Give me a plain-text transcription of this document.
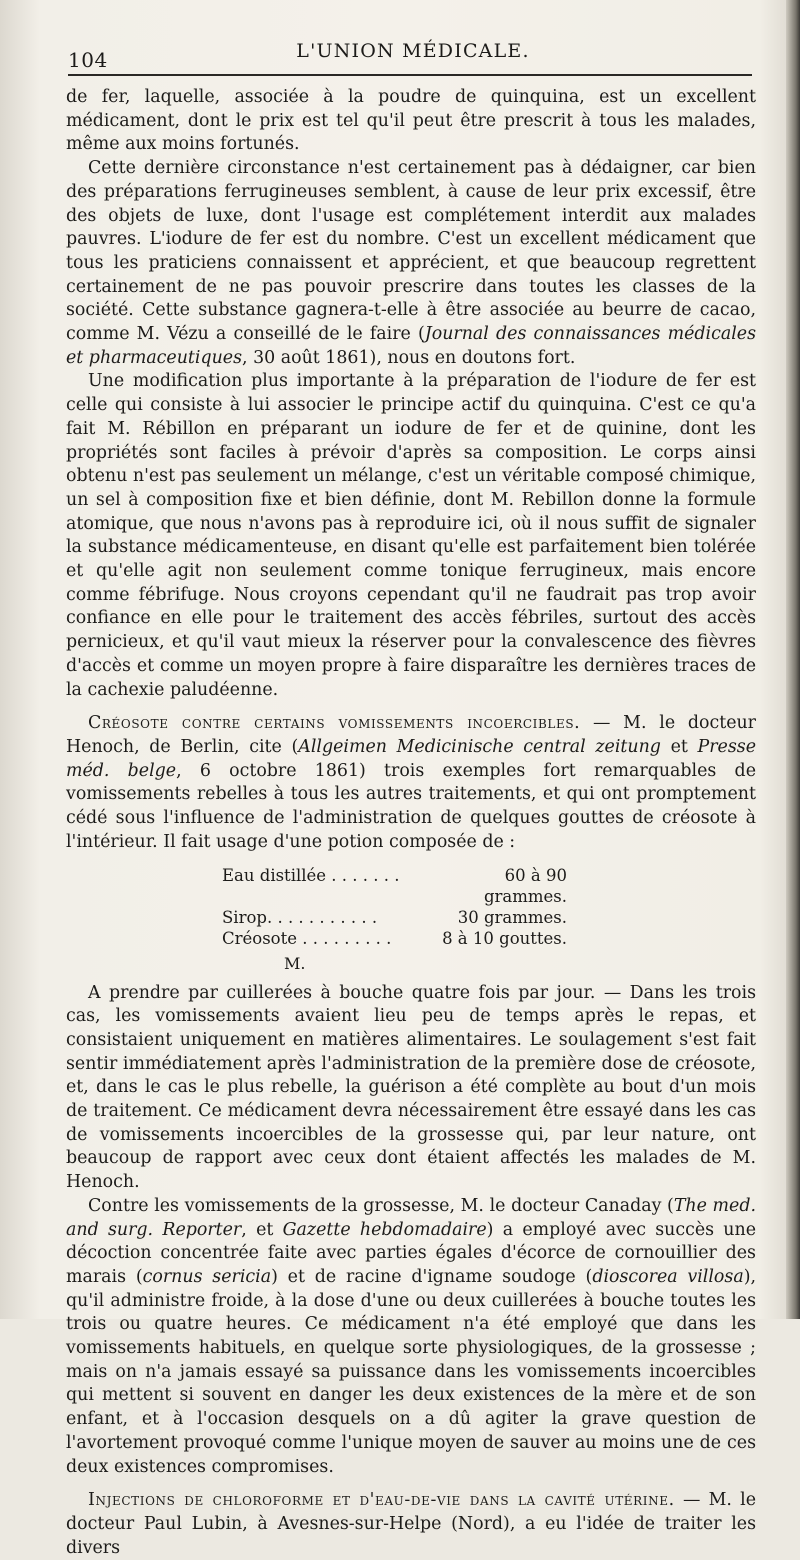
104	L'UNION MÉDICALE.

de fer, laquelle, associée à la poudre de quinquina, est un excellent médicament, dont le prix est tel qu'il peut être prescrit à tous les malades, même aux moins fortunés.

Cette dernière circonstance n'est certainement pas à dédaigner, car bien des préparations ferrugineuses semblent, à cause de leur prix excessif, être des objets de luxe, dont l'usage est complétement interdit aux malades pauvres. L'iodure de fer est du nombre. C'est un excellent médicament que tous les praticiens connaissent et apprécient, et que beaucoup regrettent certainement de ne pas pouvoir prescrire dans toutes les classes de la société. Cette substance gagnera-t-elle à être associée au beurre de cacao, comme M. Vézu a conseillé de le faire (Journal des connaissances médicales et pharmaceutiques, 30 août 1861), nous en doutons fort.

Une modification plus importante à la préparation de l'iodure de fer est celle qui consiste à lui associer le principe actif du quinquina. C'est ce qu'a fait M. Rébillon en préparant un iodure de fer et de quinine, dont les propriétés sont faciles à prévoir d'après sa composition. Le corps ainsi obtenu n'est pas seulement un mélange, c'est un véritable composé chimique, un sel à composition fixe et bien définie, dont M. Rebillon donne la formule atomique, que nous n'avons pas à reproduire ici, où il nous suffit de signaler la substance médicamenteuse, en disant qu'elle est parfaitement bien tolérée et qu'elle agit non seulement comme tonique ferrugineux, mais encore comme fébrifuge. Nous croyons cependant qu'il ne faudrait pas trop avoir confiance en elle pour le traitement des accès fébriles, surtout des accès pernicieux, et qu'il vaut mieux la réserver pour la convalescence des fièvres d'accès et comme un moyen propre à faire disparaître les dernières traces de la cachexie paludéenne.

Créosote contre certains vomissements incoercibles. — M. le docteur Henoch, de Berlin, cite (Allgeimen Medicinische central zeitung et Presse méd. belge, 6 octobre 1861) trois exemples fort remarquables de vomissements rebelles à tous les autres traitements, et qui ont promptement cédé sous l'influence de l'administration de quelques gouttes de créosote à l'intérieur. Il fait usage d'une potion composée de :

Eau distillée . . . . . . .	60 à 90 grammes.
Sirop. . . . . . . . . . .	30 grammes.
Créosote . . . . . . . . .	8 à 10 gouttes.
M.

A prendre par cuillerées à bouche quatre fois par jour. — Dans les trois cas, les vomissements avaient lieu peu de temps après le repas, et consistaient uniquement en matières alimentaires. Le soulagement s'est fait sentir immédiatement après l'administration de la première dose de créosote, et, dans le cas le plus rebelle, la guérison a été complète au bout d'un mois de traitement. Ce médicament devra nécessairement être essayé dans les cas de vomissements incoercibles de la grossesse qui, par leur nature, ont beaucoup de rapport avec ceux dont étaient affectés les malades de M. Henoch.

Contre les vomissements de la grossesse, M. le docteur Canaday (The med. and surg. Reporter, et Gazette hebdomadaire) a employé avec succès une décoction concentrée faite avec parties égales d'écorce de cornouillier des marais (cornus sericia) et de racine d'igname soudoge (dioscorea villosa), qu'il administre froide, à la dose d'une ou deux cuillerées à bouche toutes les trois ou quatre heures. Ce médicament n'a été employé que dans les vomissements habituels, en quelque sorte physiologiques, de la grossesse ; mais on n'a jamais essayé sa puissance dans les vomissements incoercibles qui mettent si souvent en danger les deux existences de la mère et de son enfant, et à l'occasion desquels on a dû agiter la grave question de l'avortement provoqué comme l'unique moyen de sauver au moins une de ces deux existences compromises.

Injections de chloroforme et d'eau-de-vie dans la cavité utérine. — M. le docteur Paul Lubin, à Avesnes-sur-Helpe (Nord), a eu l'idée de traiter les divers
